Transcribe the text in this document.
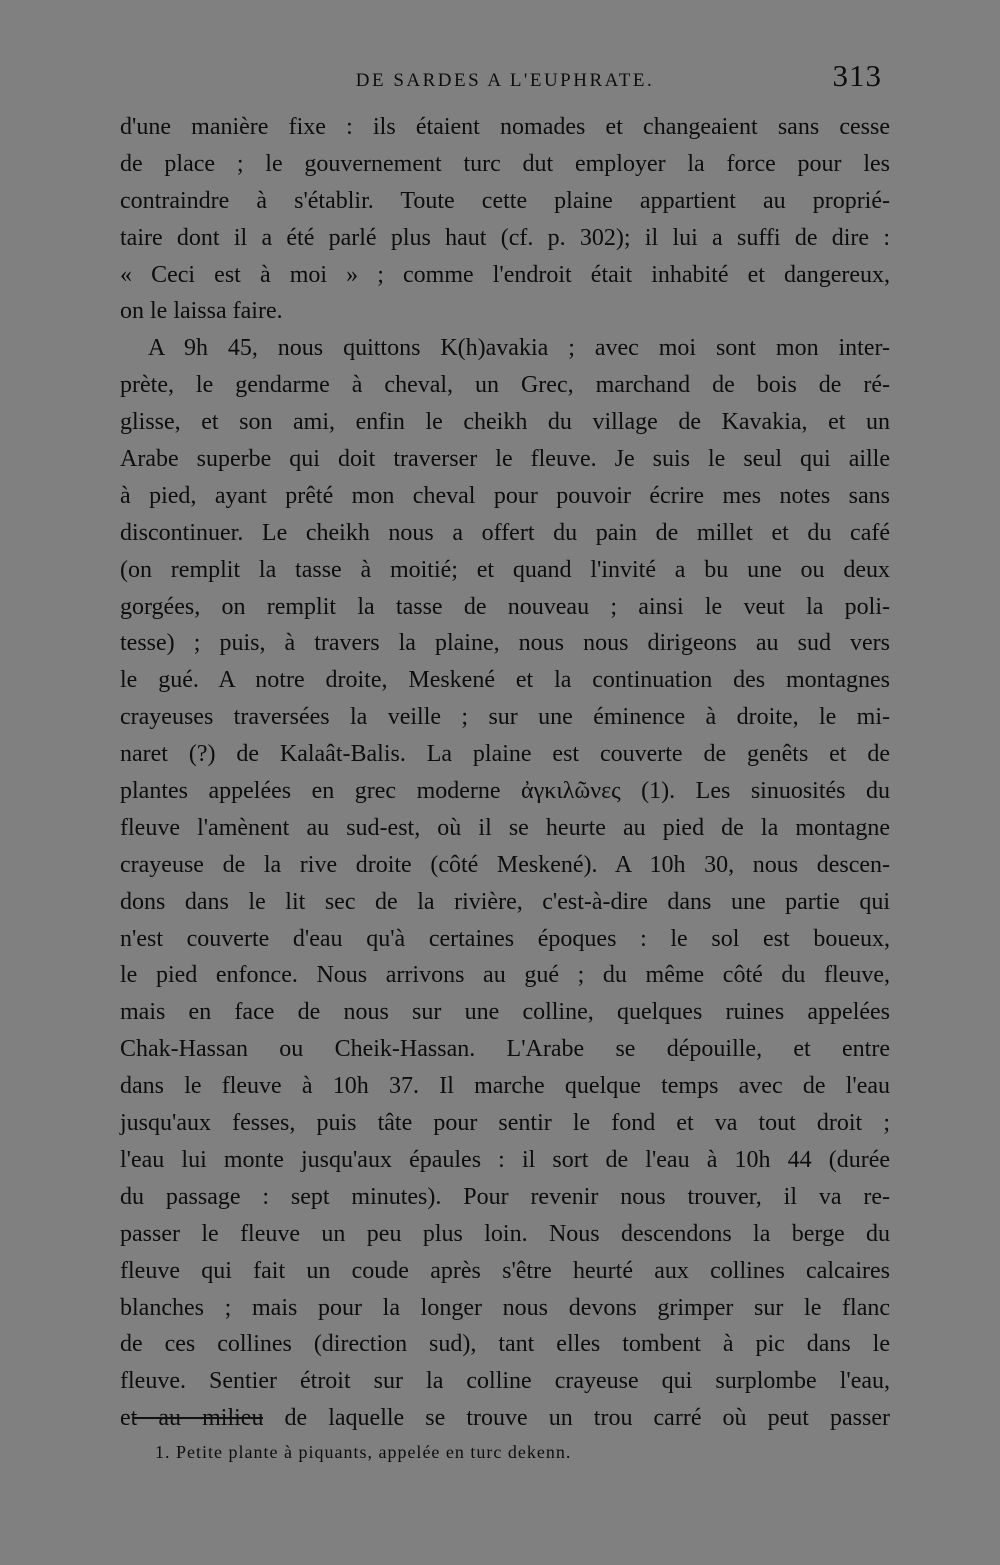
DE SARDES A L'EUPHRATE.	313
d'une manière fixe : ils étaient nomades et changeaient sans cesse
de place ; le gouvernement turc dut employer la force pour les
contraindre à s'établir. Toute cette plaine appartient au proprié-
taire dont il a été parlé plus haut (cf. p. 302); il lui a suffi de dire :
« Ceci est à moi » ; comme l'endroit était inhabité et dangereux,
on le laissa faire.
A 9h 45, nous quittons K(h)avakia ; avec moi sont mon inter-
prète, le gendarme à cheval, un Grec, marchand de bois de ré-
glisse, et son ami, enfin le cheikh du village de Kavakia, et un
Arabe superbe qui doit traverser le fleuve. Je suis le seul qui aille
à pied, ayant prêté mon cheval pour pouvoir écrire mes notes sans
discontinuer. Le cheikh nous a offert du pain de millet et du café
(on remplit la tasse à moitié; et quand l'invité a bu une ou deux
gorgées, on remplit la tasse de nouveau ; ainsi le veut la poli-
tesse) ; puis, à travers la plaine, nous nous dirigeons au sud vers
le gué. A notre droite, Meskené et la continuation des montagnes
crayeuses traversées la veille ; sur une éminence à droite, le mi-
naret (?) de Kalaât-Balis. La plaine est couverte de genêts et de
plantes appelées en grec moderne ἀγκιλῶνες (1). Les sinuosités du
fleuve l'amènent au sud-est, où il se heurte au pied de la montagne
crayeuse de la rive droite (côté Meskené). A 10h 30, nous descen-
dons dans le lit sec de la rivière, c'est-à-dire dans une partie qui
n'est couverte d'eau qu'à certaines époques : le sol est boueux,
le pied enfonce. Nous arrivons au gué ; du même côté du fleuve,
mais en face de nous sur une colline, quelques ruines appelées
Chak-Hassan ou Cheik-Hassan. L'Arabe se dépouille, et entre
dans le fleuve à 10h 37. Il marche quelque temps avec de l'eau
jusqu'aux fesses, puis tâte pour sentir le fond et va tout droit ;
l'eau lui monte jusqu'aux épaules : il sort de l'eau à 10h 44 (durée
du passage : sept minutes). Pour revenir nous trouver, il va re-
passer le fleuve un peu plus loin. Nous descendons la berge du
fleuve qui fait un coude après s'être heurté aux collines calcaires
blanches ; mais pour la longer nous devons grimper sur le flanc
de ces collines (direction sud), tant elles tombent à pic dans le
fleuve. Sentier étroit sur la colline crayeuse qui surplombe l'eau,
et au milieu de laquelle se trouve un trou carré où peut passer
1. Petite plante à piquants, appelée en turc dekenn.
